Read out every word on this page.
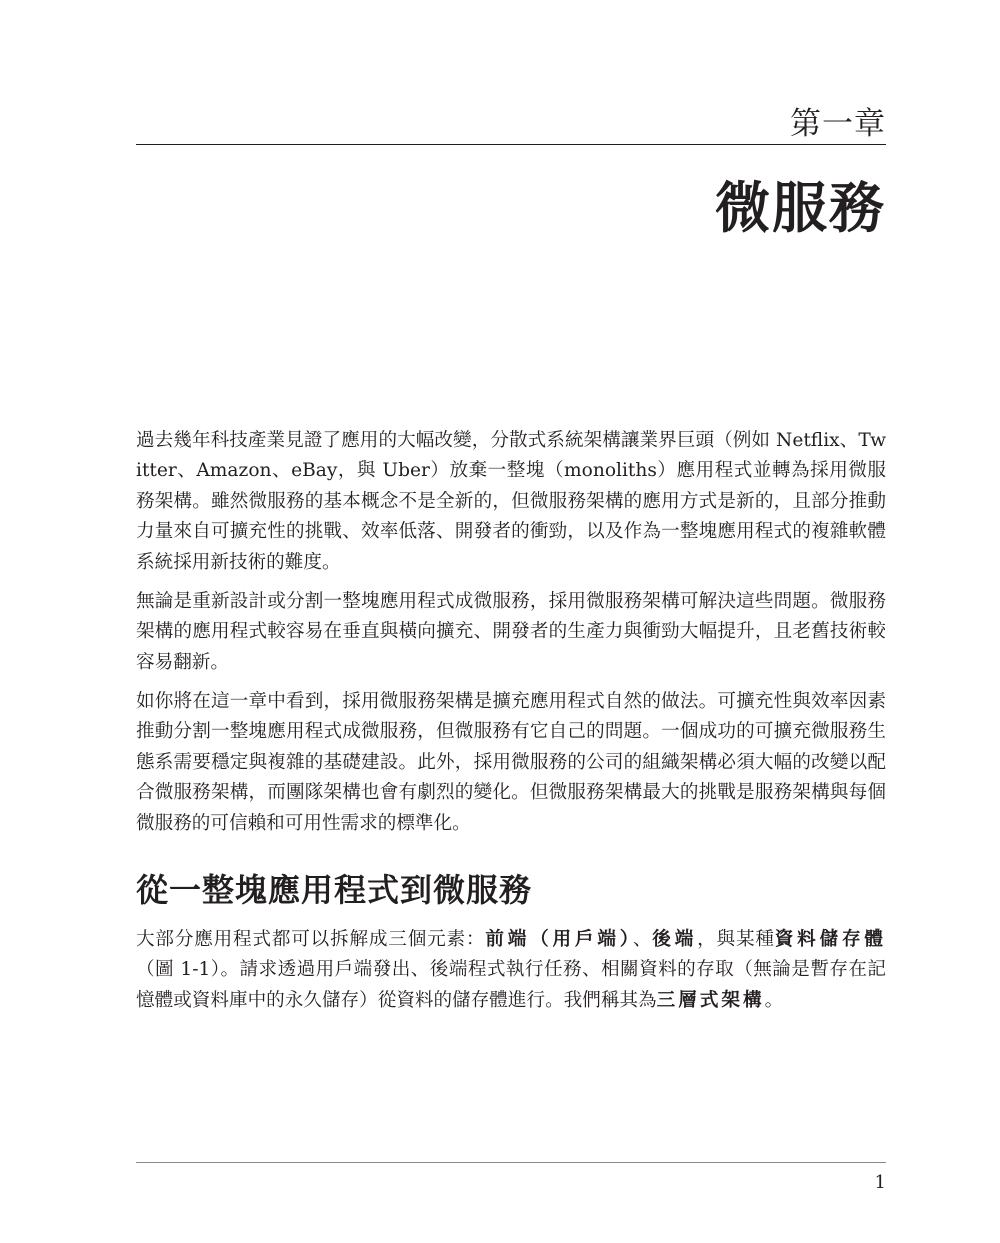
第一章
微服務

過去幾年科技產業見證了應用的大幅改變，分散式系統架構讓業界巨頭（例如 Netflix、Twitter、Amazon、eBay，與 Uber）放棄一整塊（monoliths）應用程式並轉為採用微服務架構。雖然微服務的基本概念不是全新的，但微服務架構的應用方式是新的，且部分推動力量來自可擴充性的挑戰、效率低落、開發者的衝勁，以及作為一整塊應用程式的複雜軟體系統採用新技術的難度。

無論是重新設計或分割一整塊應用程式成微服務，採用微服務架構可解決這些問題。微服務架構的應用程式較容易在垂直與橫向擴充、開發者的生產力與衝勁大幅提升，且老舊技術較容易翻新。

如你將在這一章中看到，採用微服務架構是擴充應用程式自然的做法。可擴充性與效率因素推動分割一整塊應用程式成微服務，但微服務有它自己的問題。一個成功的可擴充微服務生態系需要穩定與複雜的基礎建設。此外，採用微服務的公司的組織架構必須大幅的改變以配合微服務架構，而團隊架構也會有劇烈的變化。但微服務架構最大的挑戰是服務架構與每個微服務的可信賴和可用性需求的標準化。

從一整塊應用程式到微服務

大部分應用程式都可以拆解成三個元素：前端（用戶端）、後端，與某種資料儲存體（圖 1-1）。請求透過用戶端發出、後端程式執行任務、相關資料的存取（無論是暫存在記憶體或資料庫中的永久儲存）從資料的儲存體進行。我們稱其為三層式架構。

1
